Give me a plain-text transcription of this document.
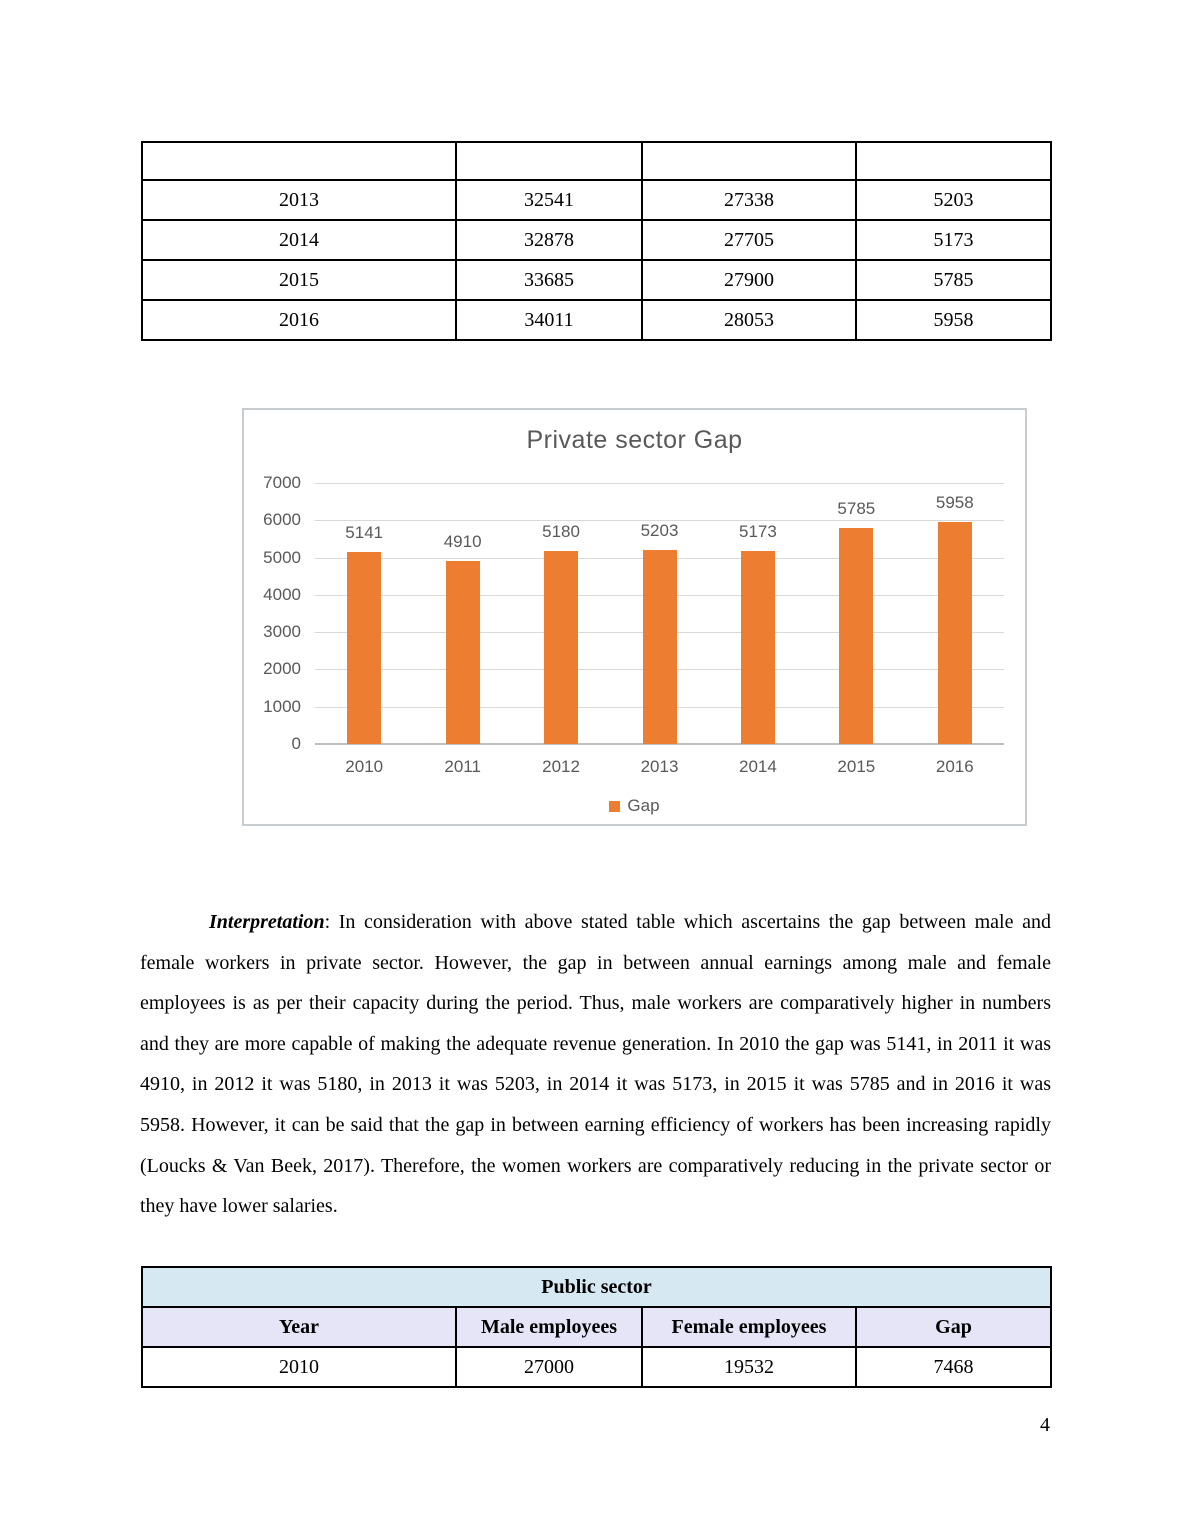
2013	32541	27338	5203
2014	32878	27705	5173
2015	33685	27900	5785
2016	34011	28053	5958
Private sector Gap
0
1000
2000
3000
4000
5000
6000
7000
5141
2010
4910
2011
5180
2012
5203
2013
5173
2014
5785
2015
5958
2016
Gap

Interpretation: In consideration with above stated table which ascertains the gap between male and female workers in private sector. However, the gap in between annual earnings among male and female employees is as per their capacity during the period. Thus, male workers are comparatively higher in numbers and they are more capable of making the adequate revenue generation. In 2010 the gap was 5141, in 2011 it was 4910, in 2012 it was 5180, in 2013 it was 5203, in 2014 it was 5173, in 2015 it was 5785 and in 2016 it was 5958. However, it can be said that the gap in between earning efficiency of workers has been increasing rapidly (Loucks & Van Beek, 2017). Therefore, the women workers are comparatively reducing in the private sector or they have lower salaries.

Public sector			
Year	Male employees	Female employees	Gap
2010	27000	19532	7468
4
